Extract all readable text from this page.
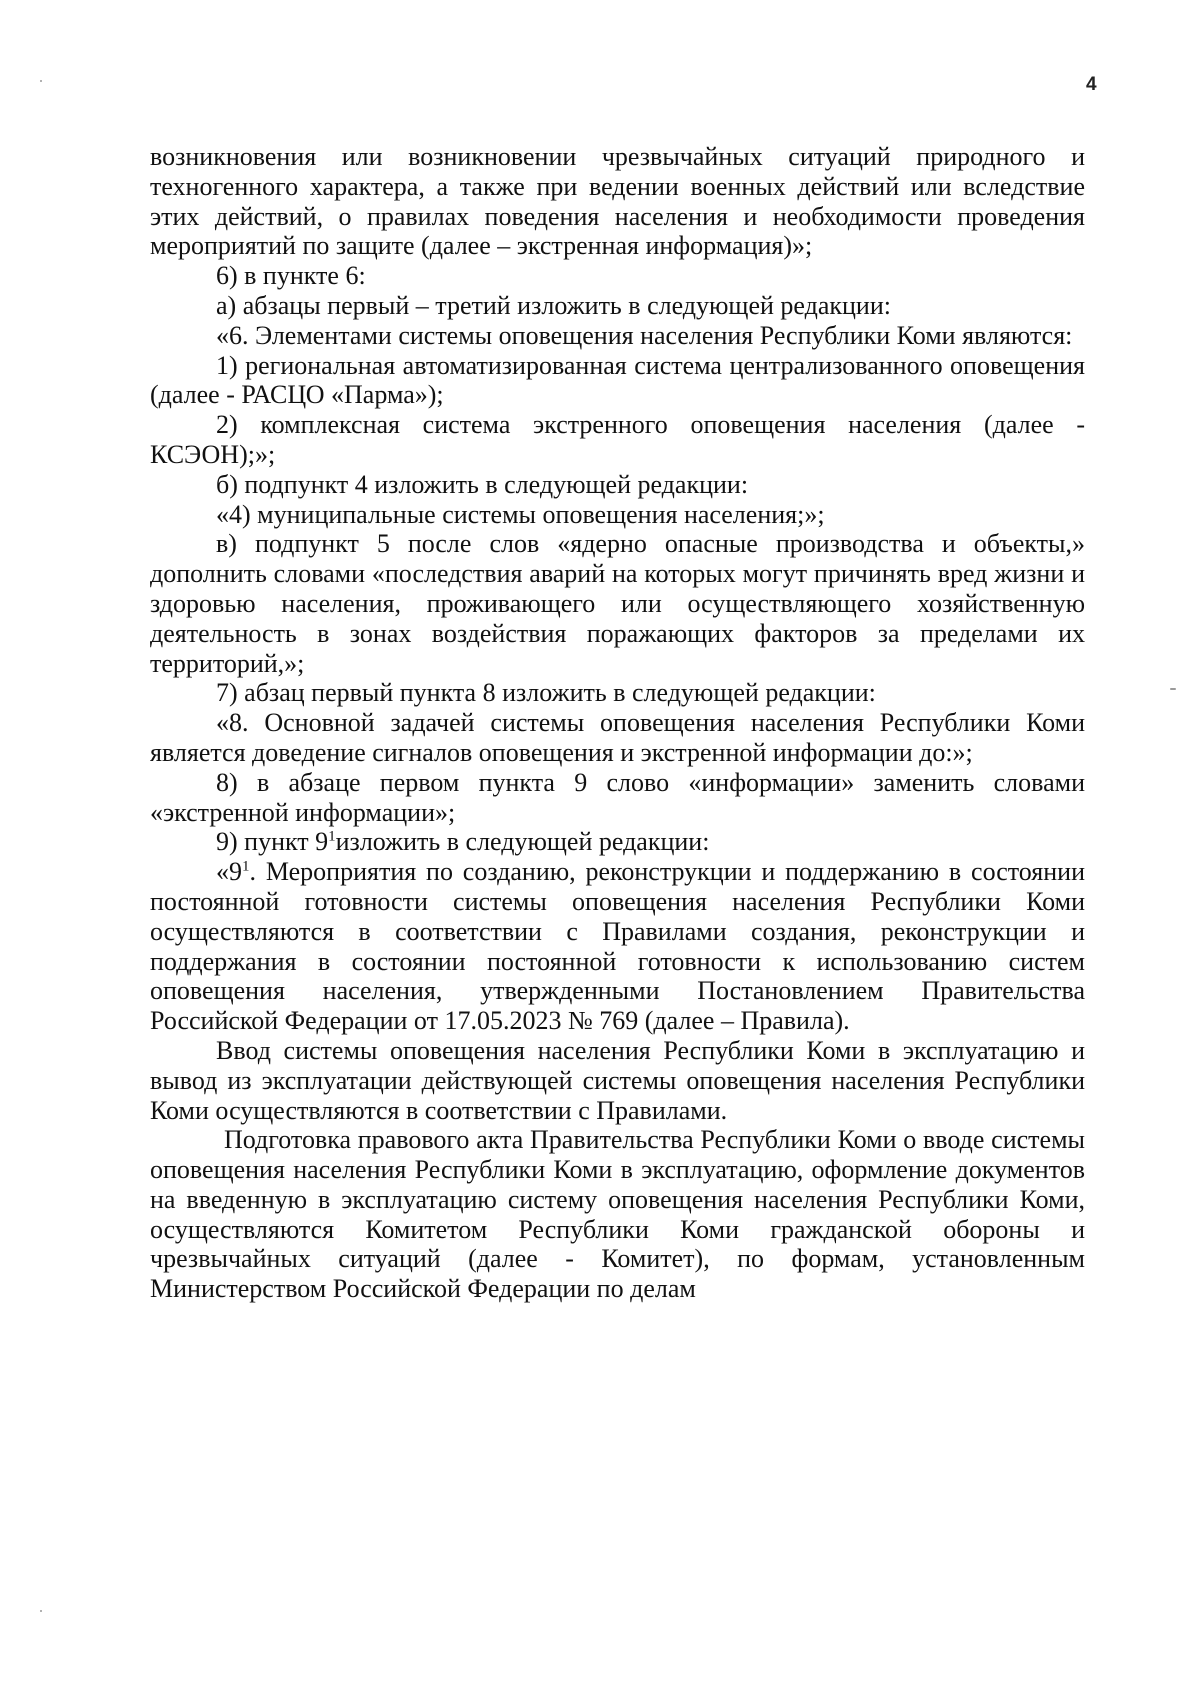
4

возникновения или возникновении чрезвычайных ситуаций природного и техногенного характера, а также при ведении военных действий или вследствие этих действий, о правилах поведения населения и необходимости проведения мероприятий по защите (далее – экстренная информация)»;

6) в пункте 6:

а) абзацы первый – третий изложить в следующей редакции:

«6. Элементами системы оповещения населения Республики Коми являются:

1) региональная автоматизированная система централизованного оповещения (далее - РАСЦО «Парма»);

2) комплексная система экстренного оповещения населения (далее - КСЭОН);»;

б) подпункт 4 изложить в следующей редакции:

«4) муниципальные системы оповещения населения;»;

в) подпункт 5 после слов «ядерно опасные производства и объекты,» дополнить словами «последствия аварий на которых могут причинять вред жизни и здоровью населения, проживающего или осуществляющего хозяйственную деятельность в зонах воздействия поражающих факторов за пределами их территорий,»;

7) абзац первый пункта 8 изложить в следующей редакции:

«8. Основной задачей системы оповещения населения Республики Коми является доведение сигналов оповещения и экстренной информации до:»;

8) в абзаце первом пункта 9 слово «информации» заменить словами «экстренной информации»;

9) пункт $9^1изложить$ в следующей редакции:

«$9^1$. Мероприятия по созданию, реконструкции и поддержанию в состоянии постоянной готовности системы оповещения населения Республики Коми осуществляются в соответствии с Правилами создания, реконструкции и поддержания в состоянии постоянной готовности к использованию систем оповещения населения, утвержденными Постановлением Правительства Российской Федерации от 17.05.2023 № 769 (далее – Правила).

Ввод системы оповещения населения Республики Коми в эксплуатацию и вывод из эксплуатации действующей системы оповещения населения Республики Коми осуществляются в соответствии с Правилами.

Подготовка правового акта Правительства Республики Коми о вводе системы оповещения населения Республики Коми в эксплуатацию, оформление документов на введенную в эксплуатацию систему оповещения населения Республики Коми, осуществляются Комитетом Республики Коми гражданской обороны и чрезвычайных ситуаций (далее - Комитет), по формам, установленным Министерством Российской Федерации по делам
